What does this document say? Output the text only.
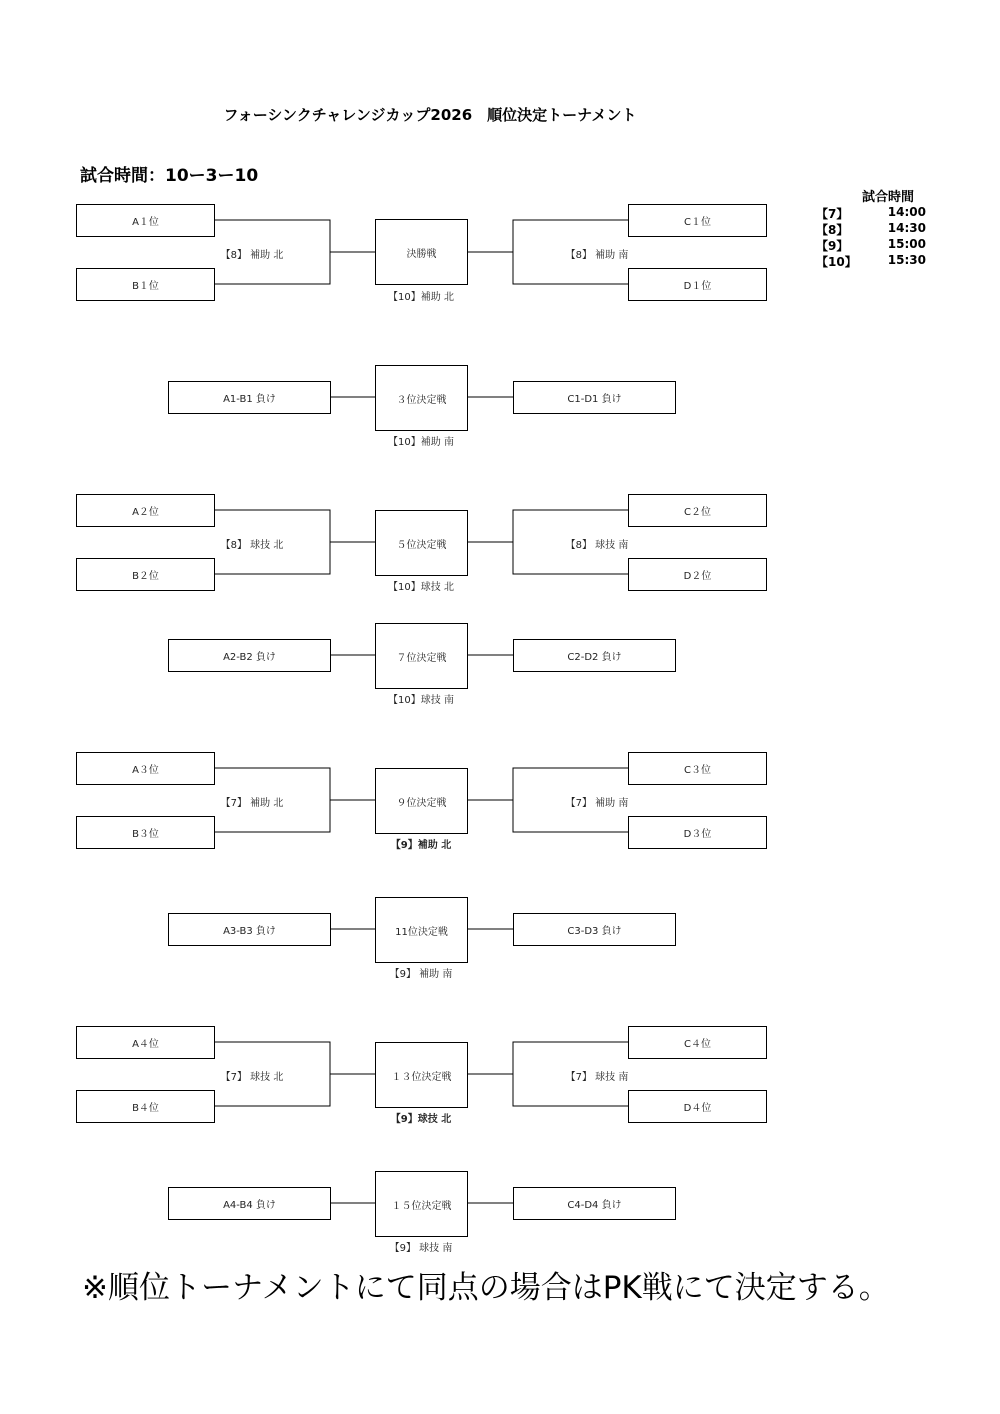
フォーシンクチャレンジカップ2026　順位決定トーナメント
試合時間：10ー3ー10
試合時間
【7】	14:00
【8】	14:30
【9】	15:00
【10】	15:30
A１位
B１位
【8】 補助 北	決勝戦
【10】補助 北
【8】 補助 南
C１位
D１位
A1-B1 負け	３位決定戦
【10】補助 南
C1-D1 負け
A２位
B２位
【8】 球技 北	５位決定戦
【10】球技 北
【8】 球技 南
C２位
D２位
A2-B2 負け	７位決定戦
【10】球技 南
C2-D2 負け
A３位
B３位
【7】 補助 北	９位決定戦
【9】補助 北
【7】 補助 南
C３位
D３位
A3-B3 負け	11位決定戦
【9】 補助 南
C3-D3 負け
A４位
B４位
【7】 球技 北	１３位決定戦
【9】球技 北
【7】 球技 南
C４位
D４位
A4-B4 負け	１５位決定戦
【9】 球技 南
C4-D4 負け
※順位トーナメントにて同点の場合はPK戦にて決定する。
